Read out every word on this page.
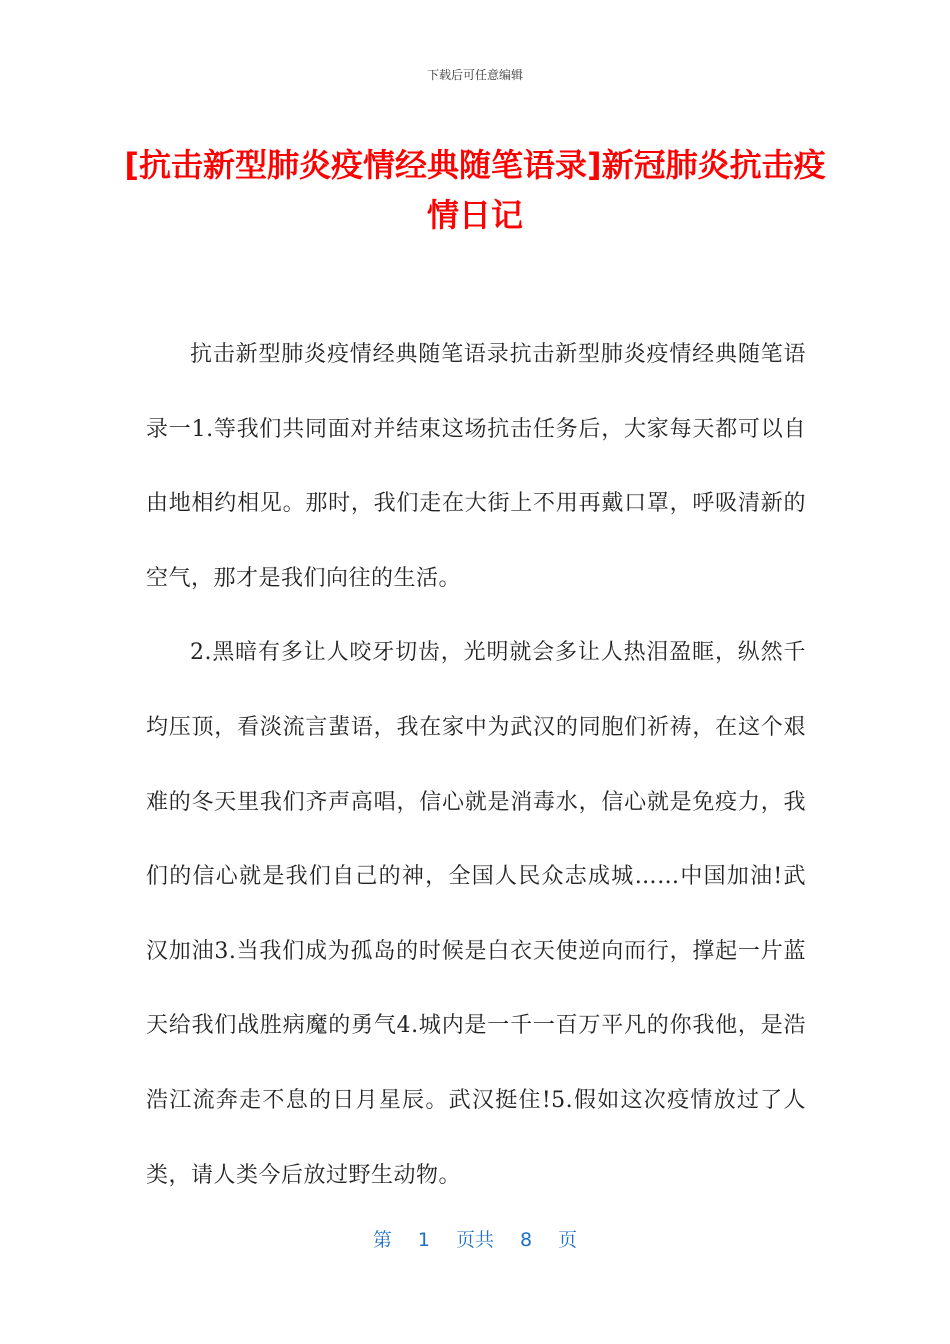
下载后可任意编辑
[抗击新型肺炎疫情经典随笔语录]新冠肺炎抗击疫情日记

抗击新型肺炎疫情经典随笔语录抗击新型肺炎疫情经典随笔语录一1.等我们共同面对并结束这场抗击任务后，大家每天都可以自由地相约相见。那时，我们走在大街上不用再戴口罩，呼吸清新的空气，那才是我们向往的生活。

2.黑暗有多让人咬牙切齿，光明就会多让人热泪盈眶，纵然千均压顶，看淡流言蜚语，我在家中为武汉的同胞们祈祷，在这个艰难的冬天里我们齐声高唱，信心就是消毒水，信心就是免疫力，我们的信心就是我们自己的神，全国人民众志成城……中国加油!武汉加油3.当我们成为孤岛的时候是白衣天使逆向而行，撑起一片蓝天给我们战胜病魔的勇气4.城内是一千一百万平凡的你我他，是浩浩江流奔走不息的日月星辰。武汉挺住!5.假如这次疫情放过了人类，请人类今后放过野生动物。

第 1 页共 8 页
